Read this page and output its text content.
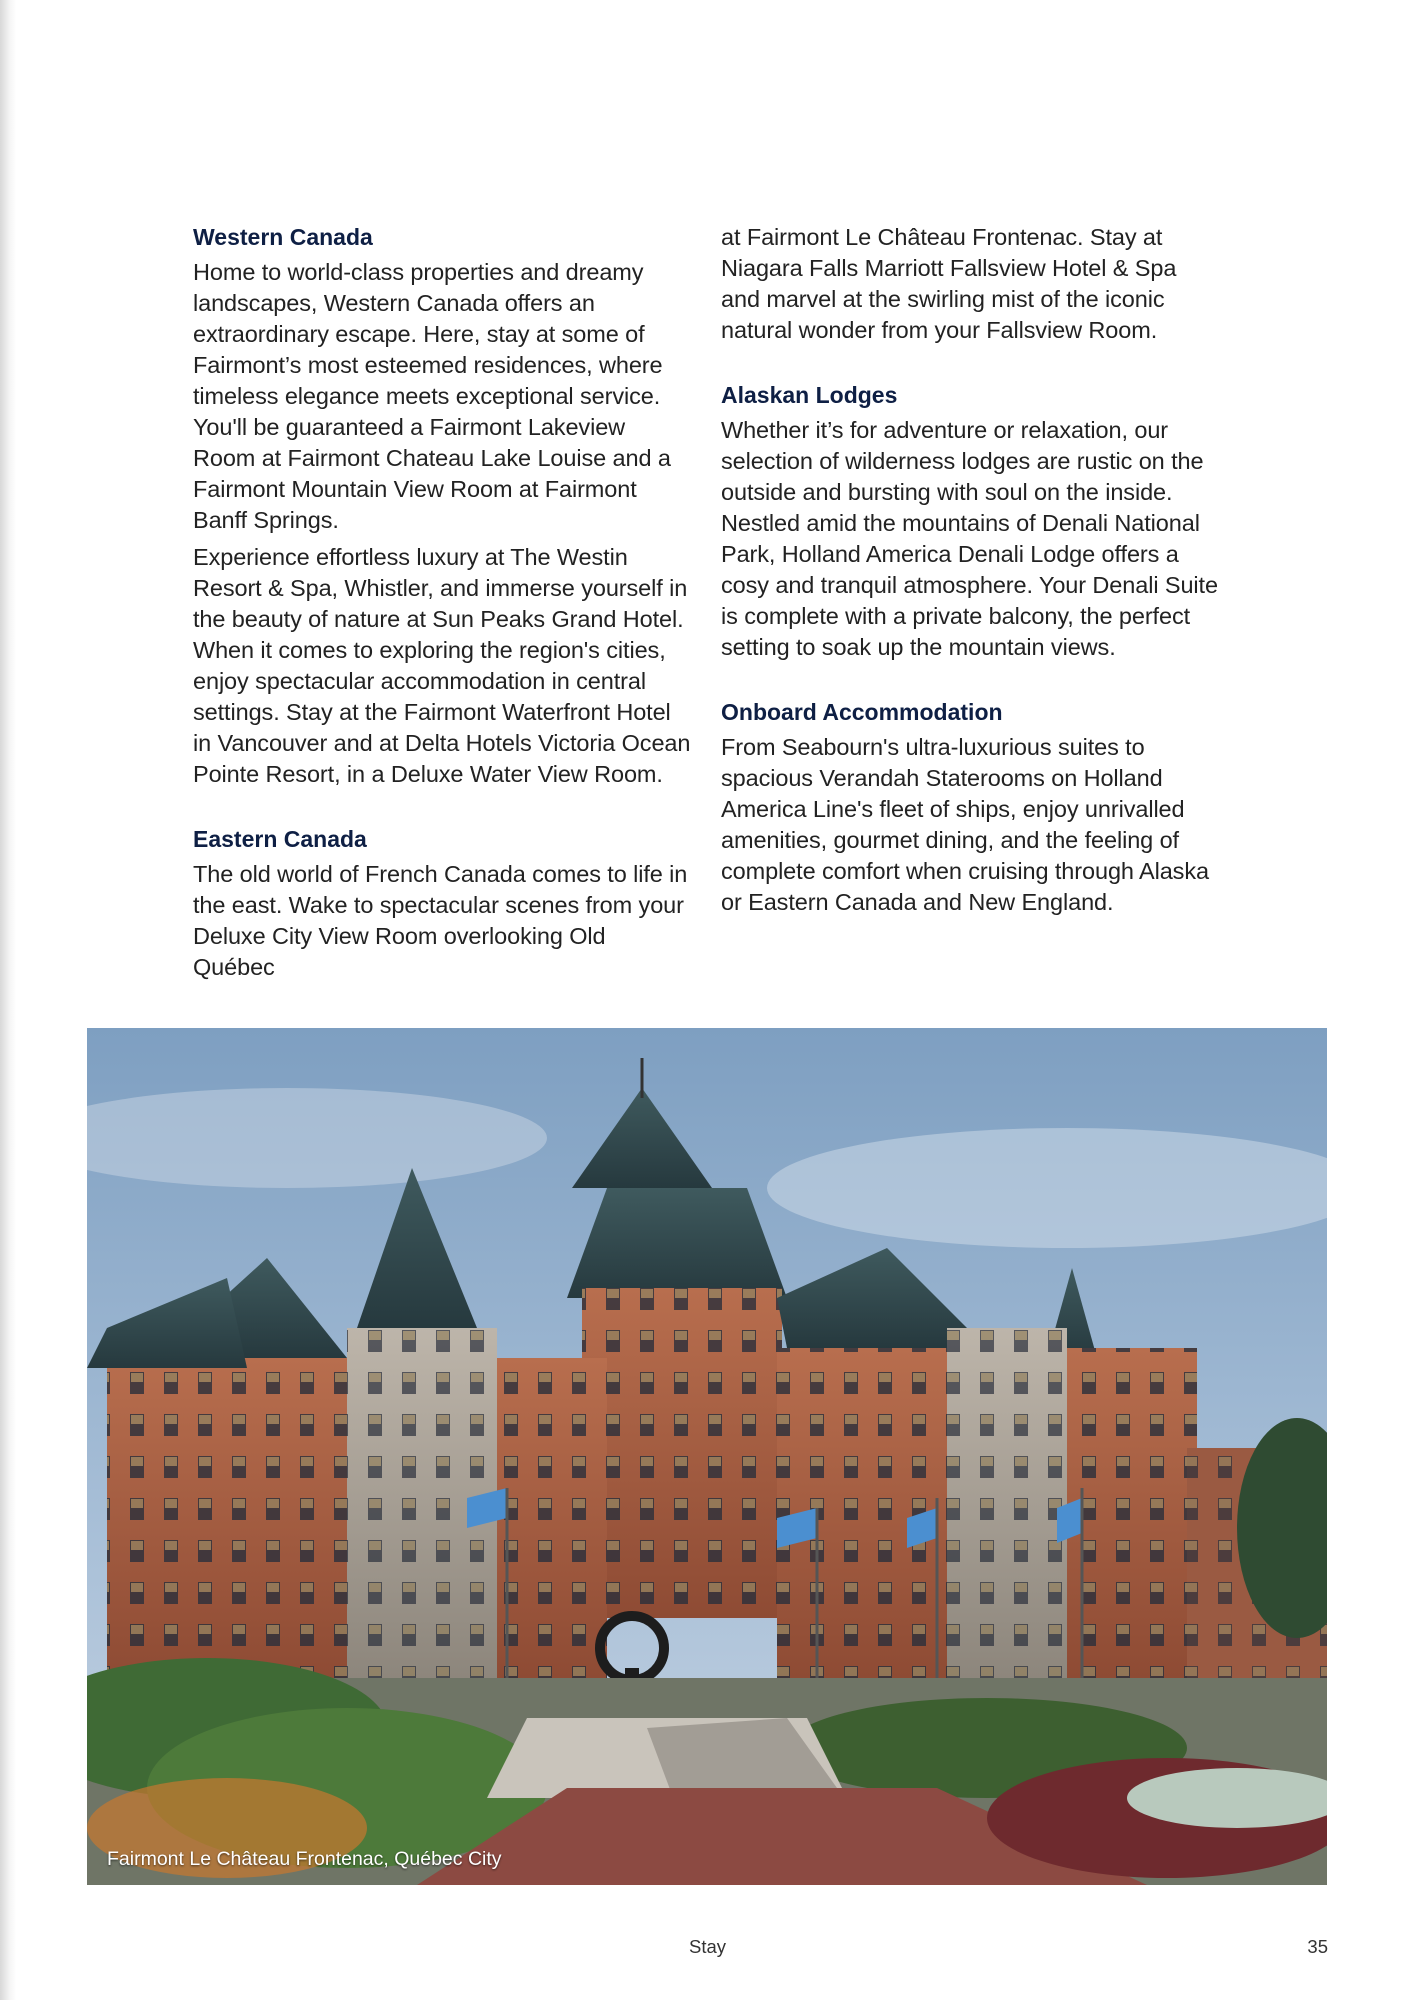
Western Canada

Home to world-class properties and dreamy landscapes, Western Canada offers an extraordinary escape. Here, stay at some of Fairmont’s most esteemed residences, where timeless elegance meets exceptional service. You'll be guaranteed a Fairmont Lakeview Room at Fairmont Chateau Lake Louise and a Fairmont Mountain View Room at Fairmont Banff Springs.

Experience effortless luxury at The Westin Resort & Spa, Whistler, and immerse yourself in the beauty of nature at Sun Peaks Grand Hotel. When it comes to exploring the region's cities, enjoy spectacular accommodation in central settings. Stay at the Fairmont Waterfront Hotel in Vancouver and at Delta Hotels Victoria Ocean Pointe Resort, in a Deluxe Water View Room.

Eastern Canada

The old world of French Canada comes to life in the east. Wake to spectacular scenes from your Deluxe City View Room overlooking Old Québec

at Fairmont Le Château Frontenac. Stay at Niagara Falls Marriott Fallsview Hotel & Spa and marvel at the swirling mist of the iconic natural wonder from your Fallsview Room.

Alaskan Lodges

Whether it’s for adventure or relaxation, our selection of wilderness lodges are rustic on the outside and bursting with soul on the inside. Nestled amid the mountains of Denali National Park, Holland America Denali Lodge offers a cosy and tranquil atmosphere. Your Denali Suite is complete with a private balcony, the perfect setting to soak up the mountain views.

Onboard Accommodation

From Seabourn's ultra-luxurious suites to spacious Verandah Staterooms on Holland America Line's fleet of ships, enjoy unrivalled amenities, gourmet dining, and the feeling of complete comfort when cruising through Alaska or Eastern Canada and New England.

Fairmont Le Château Frontenac, Québec City
Stay	35
